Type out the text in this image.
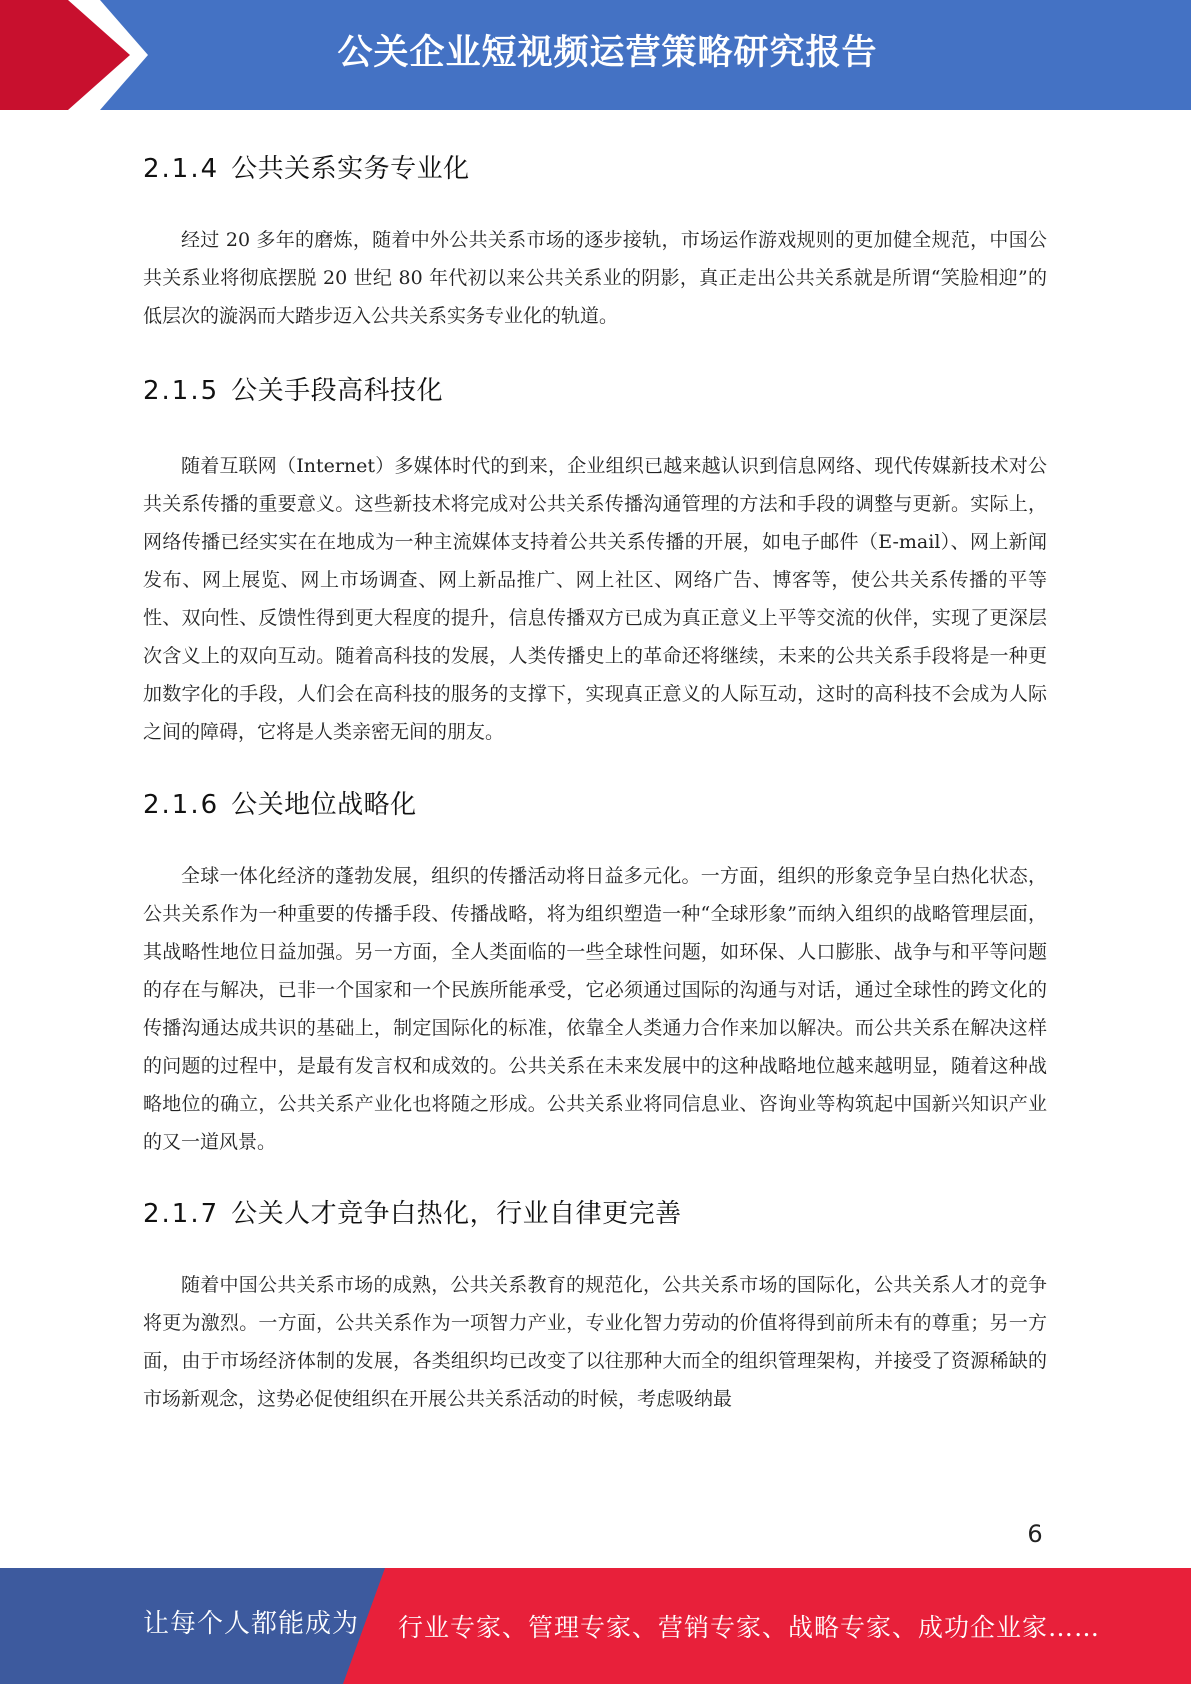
公关企业短视频运营策略研究报告
2.1.4 公共关系实务专业化

经过 20 多年的磨炼，随着中外公共关系市场的逐步接轨，市场运作游戏规则的更加健全规范，中国公共关系业将彻底摆脱 20 世纪 80 年代初以来公共关系业的阴影，真正走出公共关系就是所谓“笑脸相迎”的低层次的漩涡而大踏步迈入公共关系实务专业化的轨道。

2.1.5 公关手段高科技化

随着互联网（Internet）多媒体时代的到来，企业组织已越来越认识到信息网络、现代传媒新技术对公共关系传播的重要意义。这些新技术将完成对公共关系传播沟通管理的方法和手段的调整与更新。实际上，网络传播已经实实在在地成为一种主流媒体支持着公共关系传播的开展，如电子邮件（E-mail）、网上新闻发布、网上展览、网上市场调查、网上新品推广、网上社区、网络广告、博客等，使公共关系传播的平等性、双向性、反馈性得到更大程度的提升，信息传播双方已成为真正意义上平等交流的伙伴，实现了更深层次含义上的双向互动。随着高科技的发展，人类传播史上的革命还将继续，未来的公共关系手段将是一种更加数字化的手段，人们会在高科技的服务的支撑下，实现真正意义的人际互动，这时的高科技不会成为人际之间的障碍，它将是人类亲密无间的朋友。

2.1.6 公关地位战略化

全球一体化经济的蓬勃发展，组织的传播活动将日益多元化。一方面，组织的形象竞争呈白热化状态，公共关系作为一种重要的传播手段、传播战略，将为组织塑造一种“全球形象”而纳入组织的战略管理层面，其战略性地位日益加强。另一方面，全人类面临的一些全球性问题，如环保、人口膨胀、战争与和平等问题的存在与解决，已非一个国家和一个民族所能承受，它必须通过国际的沟通与对话，通过全球性的跨文化的传播沟通达成共识的基础上，制定国际化的标准，依靠全人类通力合作来加以解决。而公共关系在解决这样的问题的过程中，是最有发言权和成效的。公共关系在未来发展中的这种战略地位越来越明显，随着这种战略地位的确立，公共关系产业化也将随之形成。公共关系业将同信息业、咨询业等构筑起中国新兴知识产业的又一道风景。

2.1.7 公关人才竞争白热化，行业自律更完善

随着中国公共关系市场的成熟，公共关系教育的规范化，公共关系市场的国际化，公共关系人才的竞争将更为激烈。一方面，公共关系作为一项智力产业，专业化智力劳动的价值将得到前所未有的尊重；另一方面，由于市场经济体制的发展，各类组织均已改变了以往那种大而全的组织管理架构，并接受了资源稀缺的市场新观念，这势必促使组织在开展公共关系活动的时候，考虑吸纳最

6
让每个人都能成为 行业专家、管理专家、营销专家、战略专家、成功企业家……
